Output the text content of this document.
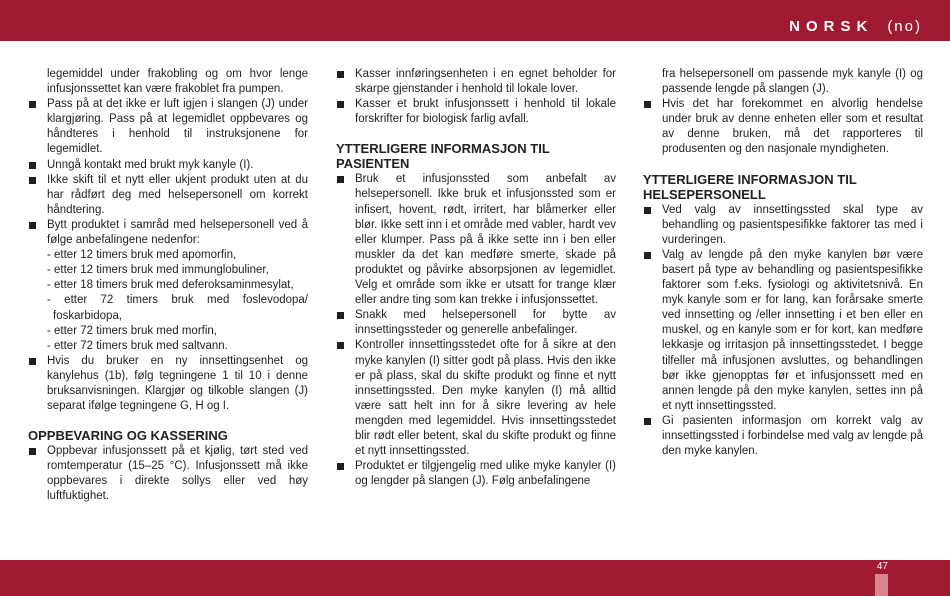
NORSK (no)
legemiddel under frakobling og om hvor lenge infusjonssettet kan være frakoblet fra pumpen.
Pass på at det ikke er luft igjen i slangen (J) under klargjøring. Pass på at legemidlet oppbevares og håndteres i henhold til instruksjonene for legemidlet.
Unngå kontakt med brukt myk kanyle (I).
Ikke skift til et nytt eller ukjent produkt uten at du har rådført deg med helsepersonell om korrekt håndtering.
Bytt produktet i samråd med helsepersonell ved å følge anbefalingene nedenfor:
- etter 12 timers bruk med apomorfin,
- etter 12 timers bruk med immunglobuliner,
- etter 18 timers bruk med deferoksaminmesylat,
- etter 72 timers bruk med foslevodopa/
foskarbidopa,
- etter 72 timers bruk med morfin,
- etter 72 timers bruk med saltvann.
Hvis du bruker en ny innsettingsenhet og kanylehus (1b), følg tegningene 1 til 10 i denne bruksanvisningen. Klargjør og tilkoble slangen (J) separat ifølge tegningene G, H og I.
OPPBEVARING OG KASSERING
Oppbevar infusjonssett på et kjølig, tørt sted ved romtemperatur (15–25 °C). Infusjonssett må ikke oppbevares i direkte sollys eller ved høy luftfuktighet.
Kasser innføringsenheten i en egnet beholder for skarpe gjenstander i henhold til lokale lover.
Kasser et brukt infusjonssett i henhold til lokale forskrifter for biologisk farlig avfall.
YTTERLIGERE INFORMASJON TIL PASIENTEN
Bruk et infusjonssted som anbefalt av helsepersonell. Ikke bruk et infusjonssted som er infisert, hovent, rødt, irritert, har blåmerker eller blør. Ikke sett inn i et område med vabler, hardt vev eller klumper. Pass på å ikke sette inn i ben eller muskler da det kan medføre smerte, skade på produktet og påvirke absorpsjonen av legemidlet. Velg et område som ikke er utsatt for trange klær eller andre ting som kan trekke i infusjonssettet.
Snakk med helsepersonell for bytte av innsettingssteder og generelle anbefalinger.
Kontroller innsettingsstedet ofte for å sikre at den myke kanylen (I) sitter godt på plass. Hvis den ikke er på plass, skal du skifte produkt og finne et nytt innsettingssted. Den myke kanylen (I) må alltid være satt helt inn for å sikre levering av hele mengden med legemiddel. Hvis innsettingsstedet blir rødt eller betent, skal du skifte produkt og finne et nytt innsettingssted.
Produktet er tilgjengelig med ulike myke kanyler (I) og lengder på slangen (J). Følg anbefalingene
fra helsepersonell om passende myk kanyle (I) og passende lengde på slangen (J).
Hvis det har forekommet en alvorlig hendelse under bruk av denne enheten eller som et resultat av denne bruken, må det rapporteres til produsenten og den nasjonale myndigheten.
YTTERLIGERE INFORMASJON TIL HELSEPERSONELL
Ved valg av innsettingssted skal type av behandling og pasientspesifikke faktorer tas med i vurderingen.
Valg av lengde på den myke kanylen bør være basert på type av behandling og pasientspesifikke faktorer som f.eks. fysiologi og aktivitetsnivå. En myk kanyle som er for lang, kan forårsake smerte ved innsetting og /eller innsetting i et ben eller en muskel, og en kanyle som er for kort, kan medføre lekkasje og irritasjon på innsettingsstedet. I begge tilfeller må infusjonen avsluttes, og behandlingen bør ikke gjenopptas før et infusjonssett med en annen lengde på den myke kanylen, settes inn på et nytt innsettingssted.
Gi pasienten informasjon om korrekt valg av innsettingssted i forbindelse med valg av lengde på den myke kanylen.
47
